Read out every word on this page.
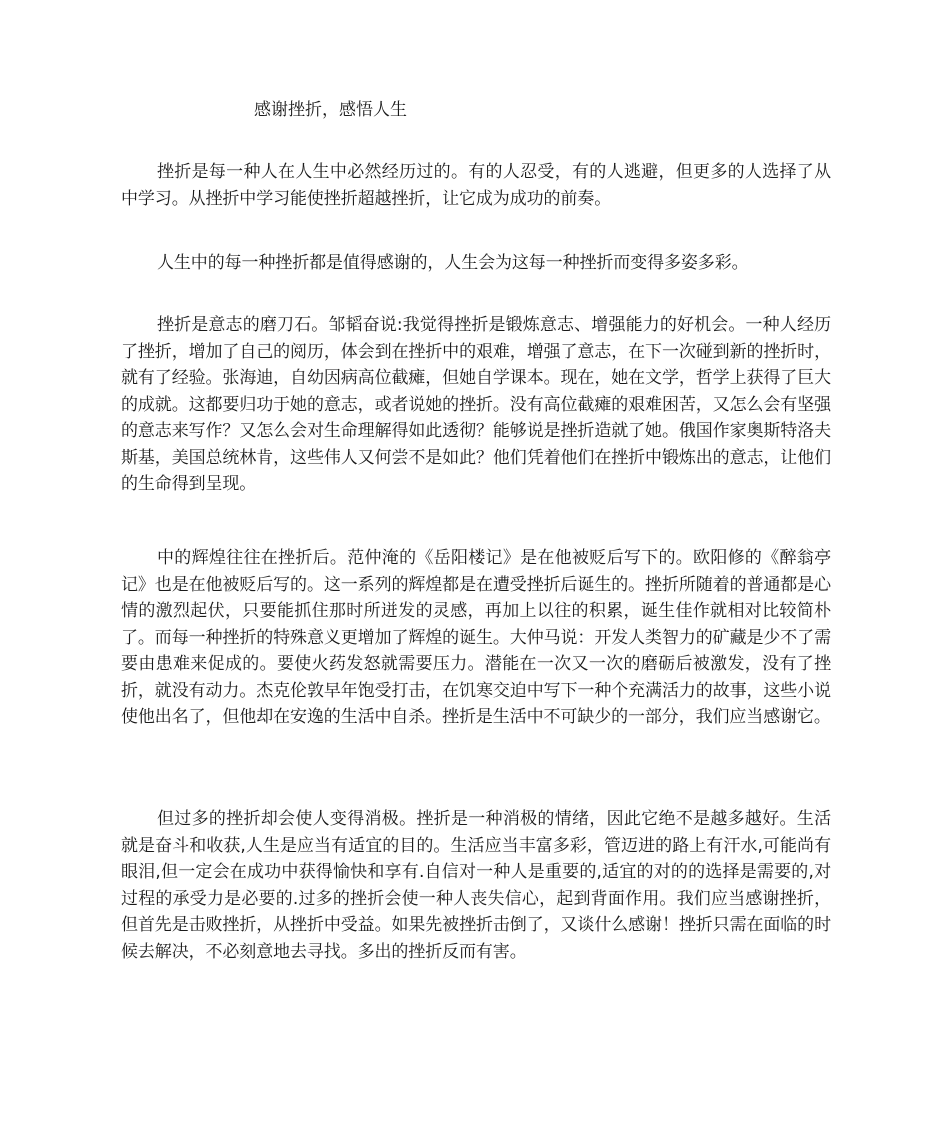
感谢挫折，感悟人生

挫折是每一种人在人生中必然经历过的。有的人忍受，有的人逃避，但更多的人选择了从中学习。从挫折中学习能使挫折超越挫折，让它成为成功的前奏。

人生中的每一种挫折都是值得感谢的，人生会为这每一种挫折而变得多姿多彩。

挫折是意志的磨刀石。邹韬奋说:我觉得挫折是锻炼意志、增强能力的好机会。一种人经历了挫折，增加了自己的阅历，体会到在挫折中的艰难，增强了意志，在下一次碰到新的挫折时，就有了经验。张海迪，自幼因病高位截瘫，但她自学课本。现在，她在文学，哲学上获得了巨大的成就。这都要归功于她的意志，或者说她的挫折。没有高位截瘫的艰难困苦，又怎么会有坚强的意志来写作？又怎么会对生命理解得如此透彻？能够说是挫折造就了她。俄国作家奥斯特洛夫斯基，美国总统林肯，这些伟人又何尝不是如此？他们凭着他们在挫折中锻炼出的意志，让他们的生命得到呈现。

中的辉煌往往在挫折后。范仲淹的《岳阳楼记》是在他被贬后写下的。欧阳修的《醉翁亭记》也是在他被贬后写的。这一系列的辉煌都是在遭受挫折后诞生的。挫折所随着的普通都是心情的激烈起伏，只要能抓住那时所迸发的灵感，再加上以往的积累，诞生佳作就相对比较简朴了。而每一种挫折的特殊意义更增加了辉煌的诞生。大仲马说：开发人类智力的矿藏是少不了需要由患难来促成的。要使火药发怒就需要压力。潜能在一次又一次的磨砺后被激发，没有了挫折，就没有动力。杰克伦敦早年饱受打击，在饥寒交迫中写下一种个充满活力的故事，这些小说使他出名了，但他却在安逸的生活中自杀。挫折是生活中不可缺少的一部分，我们应当感谢它。

但过多的挫折却会使人变得消极。挫折是一种消极的情绪，因此它绝不是越多越好。生活就是奋斗和收获,人生是应当有适宜的目的。生活应当丰富多彩，管迈进的路上有汗水,可能尚有眼泪,但一定会在成功中获得愉快和享有.自信对一种人是重要的,适宜的对的的选择是需要的,对过程的承受力是必要的.过多的挫折会使一种人丧失信心，起到背面作用。我们应当感谢挫折，但首先是击败挫折，从挫折中受益。如果先被挫折击倒了，又谈什么感谢！挫折只需在面临的时候去解决，不必刻意地去寻找。多出的挫折反而有害。
